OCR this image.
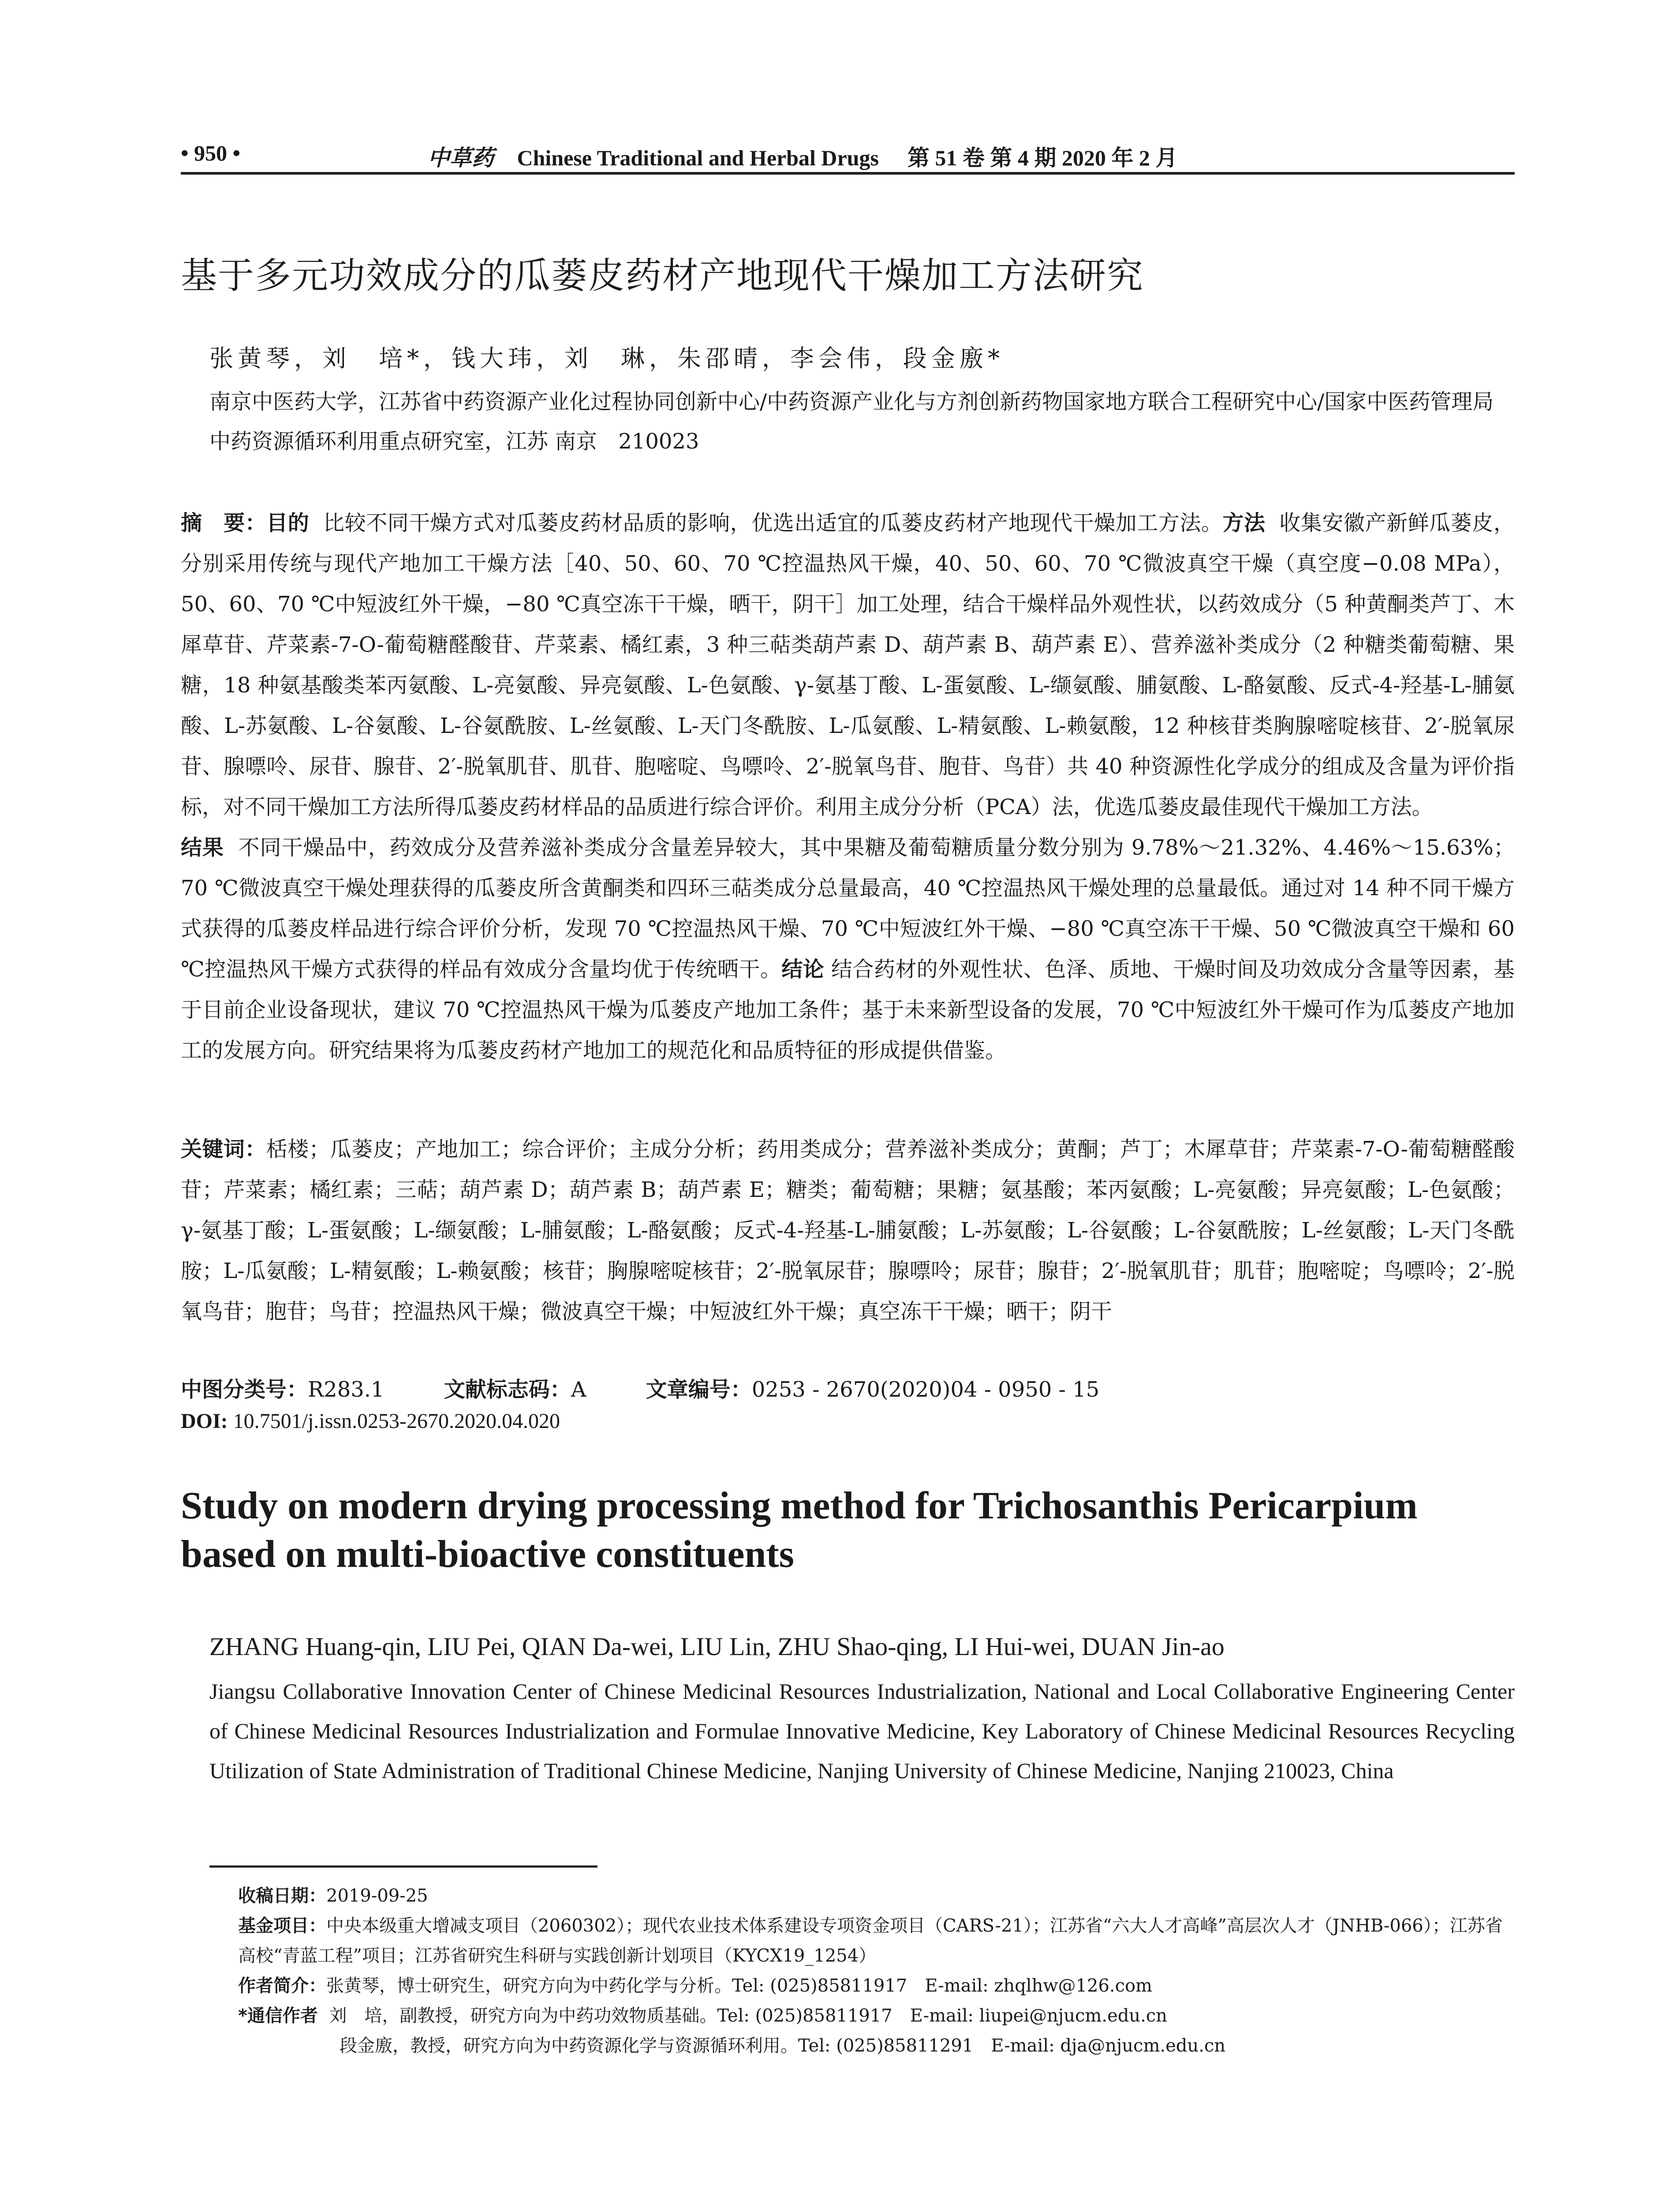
• 950 •	中草药 Chinese Traditional and Herbal Drugs 第 51 卷 第 4 期 2020 年 2 月
基于多元功效成分的瓜蒌皮药材产地现代干燥加工方法研究
张黄琴，刘　培*，钱大玮，刘　琳，朱邵晴，李会伟，段金廒*
南京中医药大学，江苏省中药资源产业化过程协同创新中心/中药资源产业化与方剂创新药物国家地方联合工程研究中心/国家中医药管理局中药资源循环利用重点研究室，江苏 南京　210023
摘　要：目的 比较不同干燥方式对瓜蒌皮药材品质的影响，优选出适宜的瓜蒌皮药材产地现代干燥加工方法。方法 收集安徽产新鲜瓜蒌皮，分别采用传统与现代产地加工干燥方法［40、50、60、70 ℃控温热风干燥，40、50、60、70 ℃微波真空干燥（真空度−0.08 MPa），50、60、70 ℃中短波红外干燥，−80 ℃真空冻干干燥，晒干，阴干］加工处理，结合干燥样品外观性状，以药效成分（5 种黄酮类芦丁、木犀草苷、芹菜素-7-O-葡萄糖醛酸苷、芹菜素、橘红素，3 种三萜类葫芦素 D、葫芦素 B、葫芦素 E）、营养滋补类成分（2 种糖类葡萄糖、果糖，18 种氨基酸类苯丙氨酸、L-亮氨酸、异亮氨酸、L-色氨酸、γ-氨基丁酸、L-蛋氨酸、L-缬氨酸、脯氨酸、L-酪氨酸、反式-4-羟基-L-脯氨酸、L-苏氨酸、L-谷氨酸、L-谷氨酰胺、L-丝氨酸、L-天门冬酰胺、L-瓜氨酸、L-精氨酸、L-赖氨酸，12 种核苷类胸腺嘧啶核苷、2′-脱氧尿苷、腺嘌呤、尿苷、腺苷、2′-脱氧肌苷、肌苷、胞嘧啶、鸟嘌呤、2′-脱氧鸟苷、胞苷、鸟苷）共 40 种资源性化学成分的组成及含量为评价指标，对不同干燥加工方法所得瓜蒌皮药材样品的品质进行综合评价。利用主成分分析（PCA）法，优选瓜蒌皮最佳现代干燥加工方法。
结果 不同干燥品中，药效成分及营养滋补类成分含量差异较大，其中果糖及葡萄糖质量分数分别为 9.78%～21.32%、4.46%～15.63%；70 ℃微波真空干燥处理获得的瓜蒌皮所含黄酮类和四环三萜类成分总量最高，40 ℃控温热风干燥处理的总量最低。通过对 14 种不同干燥方式获得的瓜蒌皮样品进行综合评价分析，发现 70 ℃控温热风干燥、70 ℃中短波红外干燥、−80 ℃真空冻干干燥、50 ℃微波真空干燥和 60 ℃控温热风干燥方式获得的样品有效成分含量均优于传统晒干。结论 结合药材的外观性状、色泽、质地、干燥时间及功效成分含量等因素，基于目前企业设备现状，建议 70 ℃控温热风干燥为瓜蒌皮产地加工条件；基于未来新型设备的发展，70 ℃中短波红外干燥可作为瓜蒌皮产地加工的发展方向。研究结果将为瓜蒌皮药材产地加工的规范化和品质特征的形成提供借鉴。
关键词：栝楼；瓜蒌皮；产地加工；综合评价；主成分分析；药用类成分；营养滋补类成分；黄酮；芦丁；木犀草苷；芹菜素-7-O-葡萄糖醛酸苷；芹菜素；橘红素；三萜；葫芦素 D；葫芦素 B；葫芦素 E；糖类；葡萄糖；果糖；氨基酸；苯丙氨酸；L-亮氨酸；异亮氨酸；L-色氨酸；γ-氨基丁酸；L-蛋氨酸；L-缬氨酸；L-脯氨酸；L-酪氨酸；反式-4-羟基-L-脯氨酸；L-苏氨酸；L-谷氨酸；L-谷氨酰胺；L-丝氨酸；L-天门冬酰胺；L-瓜氨酸；L-精氨酸；L-赖氨酸；核苷；胸腺嘧啶核苷；2′-脱氧尿苷；腺嘌呤；尿苷；腺苷；2′-脱氧肌苷；肌苷；胞嘧啶；鸟嘌呤；2′-脱氧鸟苷；胞苷；鸟苷；控温热风干燥；微波真空干燥；中短波红外干燥；真空冻干干燥；晒干；阴干
中图分类号：R283.1	文献标志码：A	文章编号：0253 - 2670(2020)04 - 0950 - 15
DOI: 10.7501/j.issn.0253-2670.2020.04.020
Study on modern drying processing method for Trichosanthis Pericarpium based on multi-bioactive constituents
ZHANG Huang-qin, LIU Pei, QIAN Da-wei, LIU Lin, ZHU Shao-qing, LI Hui-wei, DUAN Jin-ao
Jiangsu Collaborative Innovation Center of Chinese Medicinal Resources Industrialization, National and Local Collaborative Engineering Center of Chinese Medicinal Resources Industrialization and Formulae Innovative Medicine, Key Laboratory of Chinese Medicinal Resources Recycling Utilization of State Administration of Traditional Chinese Medicine, Nanjing University of Chinese Medicine, Nanjing 210023, China
收稿日期：2019-09-25
基金项目：中央本级重大增减支项目（2060302）；现代农业技术体系建设专项资金项目（CARS-21）；江苏省“六大人才高峰”高层次人才（JNHB-066）；江苏省高校“青蓝工程”项目；江苏省研究生科研与实践创新计划项目（KYCX19_1254）
作者简介：张黄琴，博士研究生，研究方向为中药化学与分析。Tel: (025)85811917　E-mail: zhqlhw@126.com
*通信作者 刘　培，副教授，研究方向为中药功效物质基础。Tel: (025)85811917　E-mail: liupei@njucm.edu.cn
段金廒，教授，研究方向为中药资源化学与资源循环利用。Tel: (025)85811291　E-mail: dja@njucm.edu.cn
